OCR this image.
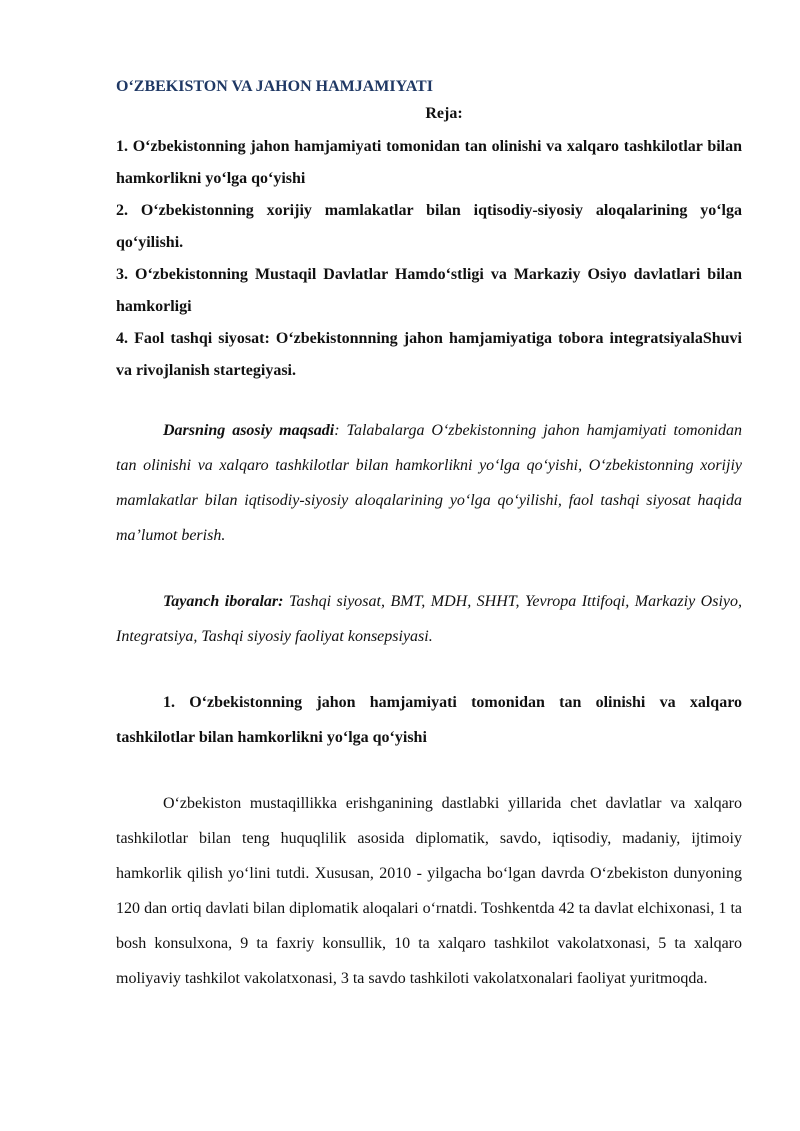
O‘ZBEKISTON VA JAHON HAMJAMIYATI
Reja:
1. O‘zbekistonning jahon hamjamiyati tomonidan tan olinishi va xalqaro tashkilotlar bilan hamkorlikni yo‘lga qo‘yishi
2. O‘zbekistonning xorijiy mamlakatlar bilan iqtisodiy-siyosiy aloqalarining yo‘lga qo‘yilishi.
3. O‘zbekistonning Mustaqil Davlatlar Hamdo‘stligi va Markaziy Osiyo davlatlari bilan hamkorligi
4. Faol tashqi siyosat: O‘zbekistonnning jahon hamjamiyatiga tobora integratsiyalaShuvi va rivojlanish startegiyasi.

Darsning asosiy maqsadi: Talabalarga O‘zbekistonning jahon hamjamiyati tomonidan tan olinishi va xalqaro tashkilotlar bilan hamkorlikni yo‘lga qo‘yishi, O‘zbekistonning xorijiy mamlakatlar bilan iqtisodiy-siyosiy aloqalarining yo‘lga qo‘yilishi, faol tashqi siyosat haqida ma’lumot berish.

Tayanch iboralar: Tashqi siyosat, BMT, MDH, SHHT, Yevropa Ittifoqi, Markaziy Osiyo, Integratsiya, Tashqi siyosiy faoliyat konsepsiyasi.

1. O‘zbekistonning jahon hamjamiyati tomonidan tan olinishi va xalqaro tashkilotlar bilan hamkorlikni yo‘lga qo‘yishi

O‘zbekiston mustaqillikka erishganining dastlabki yillarida chet davlatlar va xalqaro tashkilotlar bilan teng huquqlilik asosida diplomatik, savdo, iqtisodiy, madaniy, ijtimoiy hamkorlik qilish yo‘lini tutdi. Xususan, 2010 - yilgacha bo‘lgan davrda O‘zbekiston dunyoning 120 dan ortiq davlati bilan diplomatik aloqalari o‘rnatdi. Toshkentda 42 ta davlat elchixonasi, 1 ta bosh konsulxona, 9 ta faxriy konsullik, 10 ta xalqaro tashkilot vakolatxonasi, 5 ta xalqaro moliyaviy tashkilot vakolatxonasi, 3 ta savdo tashkiloti vakolatxonalari faoliyat yuritmoqda.
